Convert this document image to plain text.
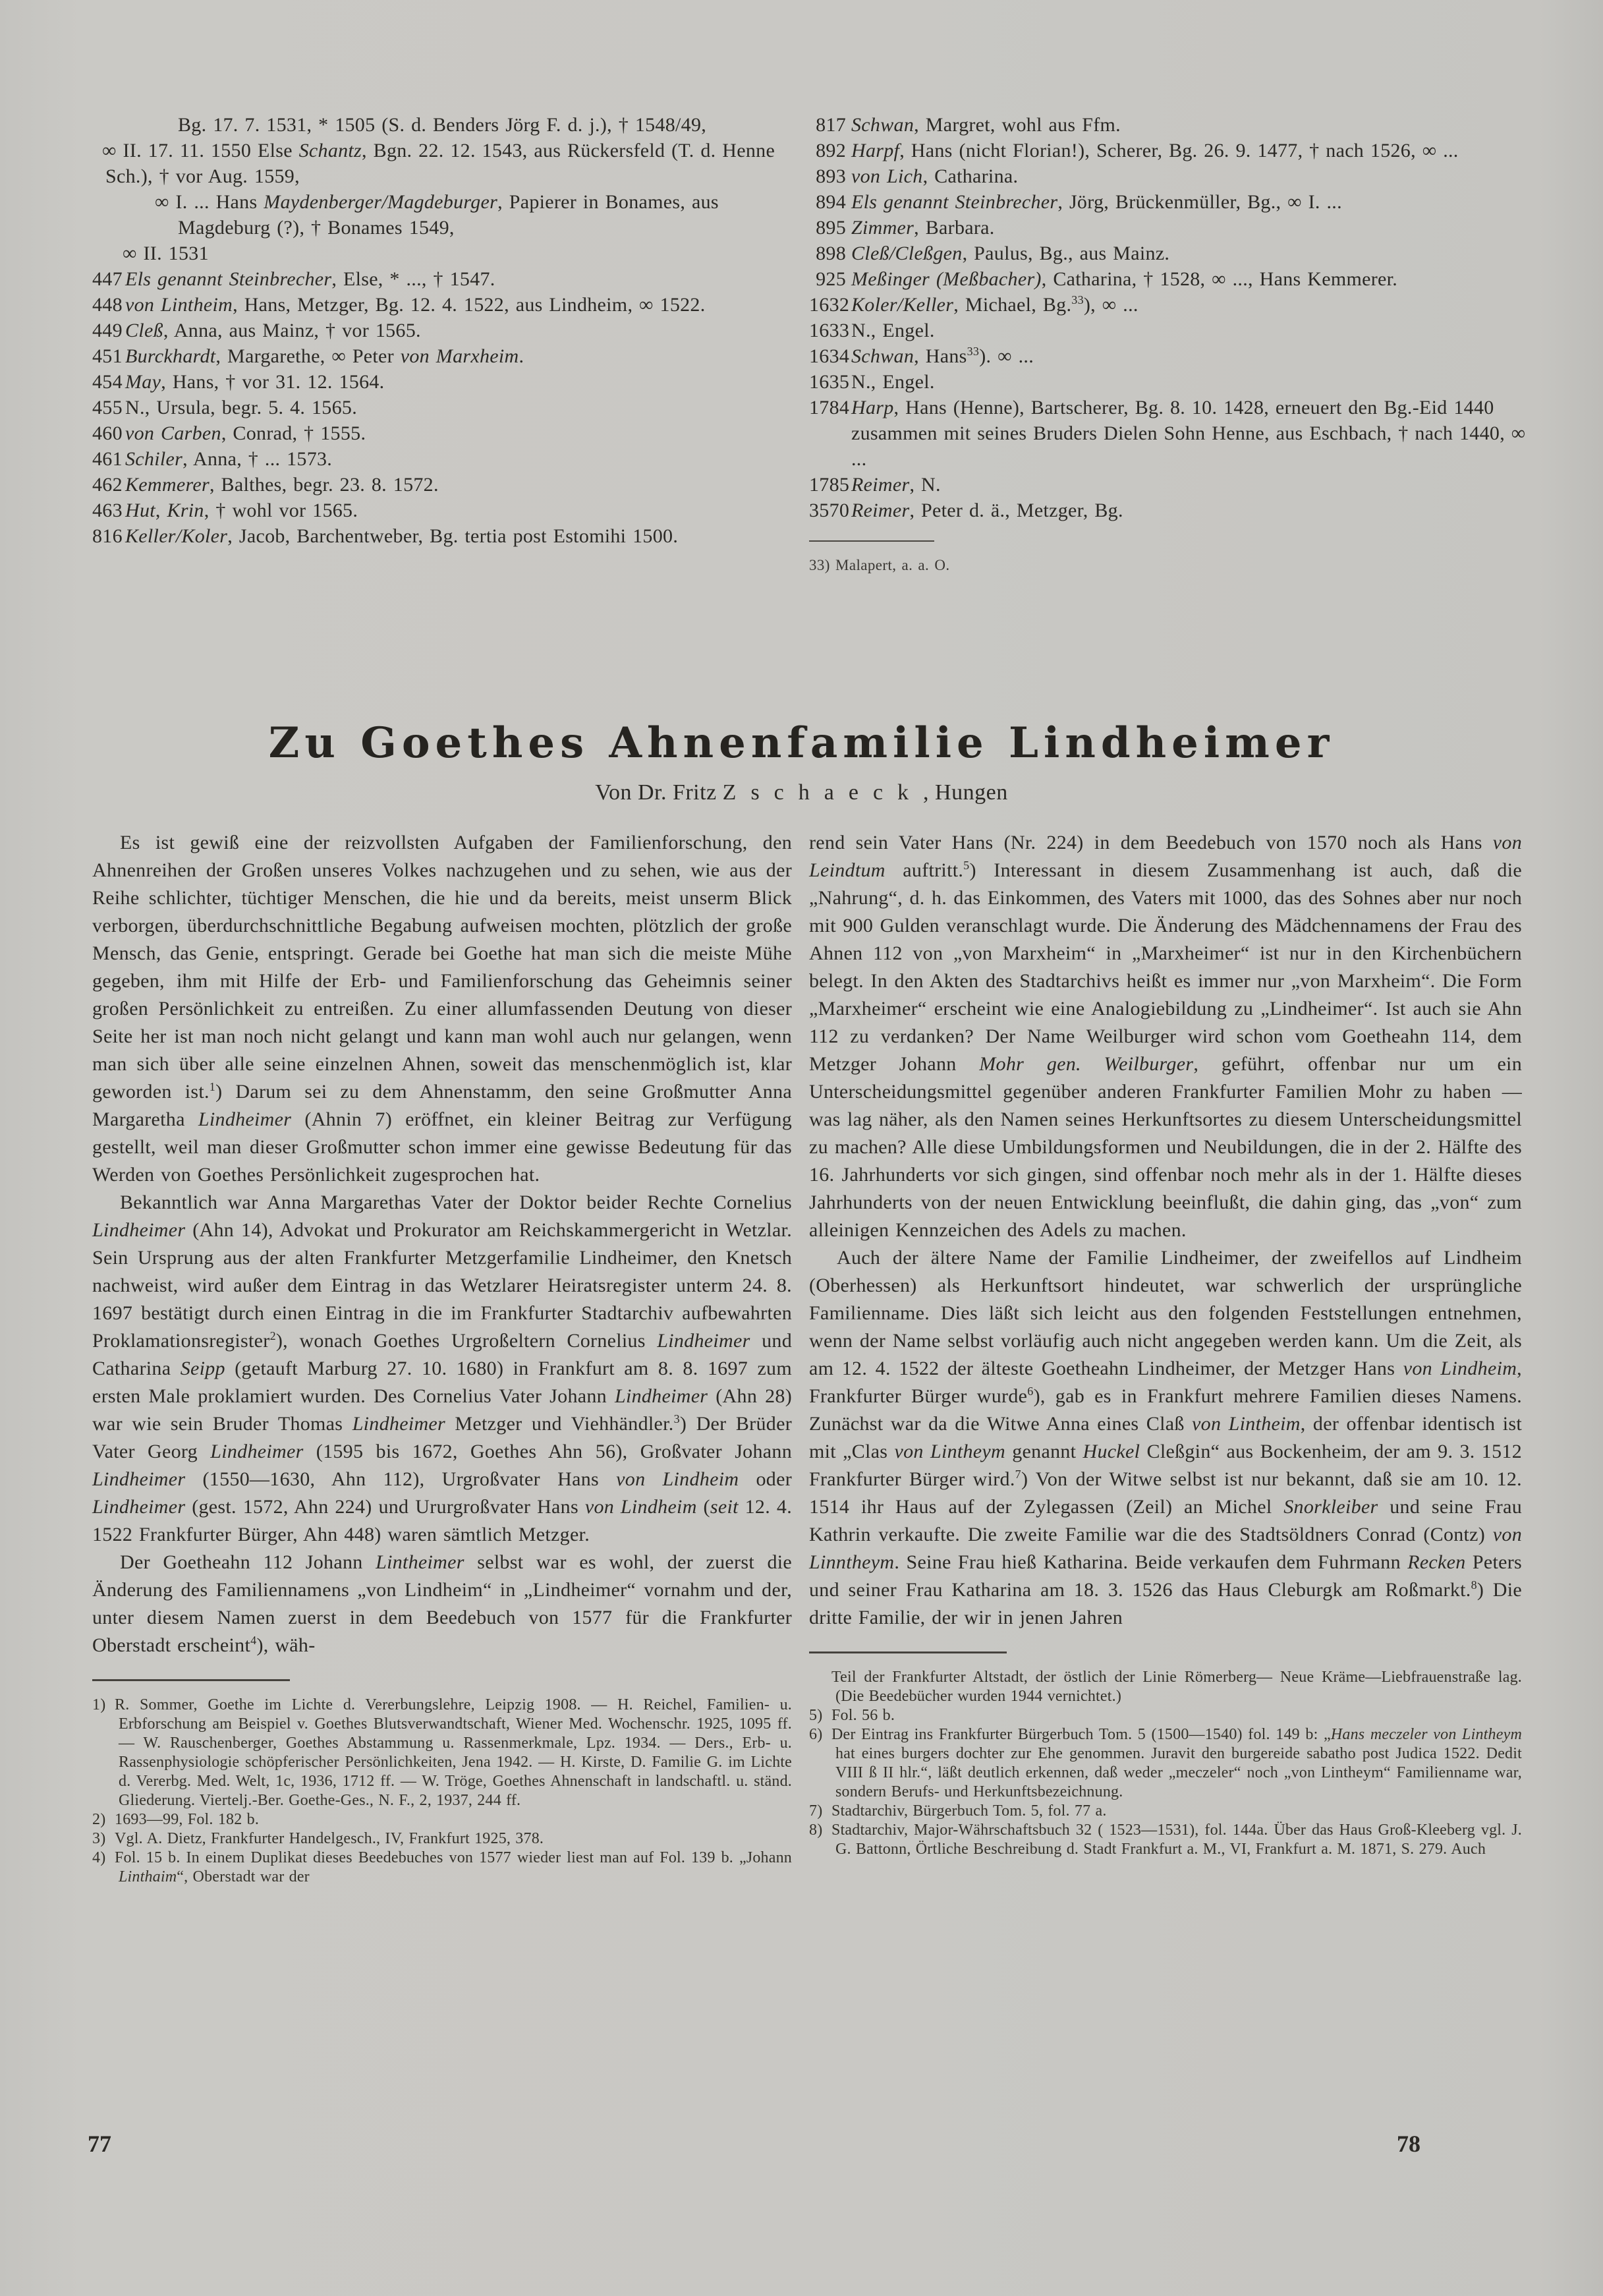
Bg. 17. 7. 1531, * 1505 (S. d. Benders Jörg F. d. j.), † 1548/49,
∞ II. 17. 11. 1550 Else Schantz, Bgn. 22. 12. 1543, aus Rückersfeld (T. d. Henne Sch.), † vor Aug. 1559,
∞ I. ... Hans Maydenberger/Magdeburger, Papierer in Bonames, aus Magdeburg (?), † Bonames 1549,
∞ II. 1531
447 Els genannt Steinbrecher, Else, * ..., † 1547.
448 von Lintheim, Hans, Metzger, Bg. 12. 4. 1522, aus Lindheim, ∞ 1522.
449 Cleß, Anna, aus Mainz, † vor 1565.
451 Burckhardt, Margarethe, ∞ Peter von Marxheim.
454 May, Hans, † vor 31. 12. 1564.
455 N., Ursula, begr. 5. 4. 1565.
460 von Carben, Conrad, † 1555.
461 Schiler, Anna, † ... 1573.
462 Kemmerer, Balthes, begr. 23. 8. 1572.
463 Hut, Krin, † wohl vor 1565.
816 Keller/Koler, Jacob, Barchentweber, Bg. tertia post Estomihi 1500.
817 Schwan, Margret, wohl aus Ffm.
892 Harpf, Hans (nicht Florian!), Scherer, Bg. 26. 9. 1477, † nach 1526, ∞ ...
893 von Lich, Catharina.
894 Els genannt Steinbrecher, Jörg, Brückenmüller, Bg., ∞ I. ...
895 Zimmer, Barbara.
898 Cleß/Cleßgen, Paulus, Bg., aus Mainz.
925 Meßinger (Meßbacher), Catharina, † 1528, ∞ ..., Hans Kemmerer.
1632Koler/Keller, Michael, Bg.$^{33}$), ∞ ...
1633N., Engel.
1634Schwan, Hans$^{33}$). ∞ ...
1635N., Engel.
1784Harp, Hans (Henne), Bartscherer, Bg. 8. 10. 1428, erneuert den Bg.-Eid 1440 zusammen mit seines Bruders Dielen Sohn Henne, aus Eschbach, † nach 1440, ∞ ...
1785Reimer, N.
3570Reimer, Peter d. ä., Metzger, Bg.
33) Malapert, a. a. O.
Zu Goethes Ahnenfamilie Lindheimer
Von Dr. Fritz Zschaeck, Hungen

Es ist gewiß eine der reizvollsten Aufgaben der Familienforschung, den Ahnenreihen der Großen unseres Volkes nachzugehen und zu sehen, wie aus der Reihe schlichter, tüchtiger Menschen, die hie und da bereits, meist unserm Blick verborgen, überdurchschnittliche Begabung aufweisen mochten, plötzlich der große Mensch, das Genie, entspringt. Gerade bei Goethe hat man sich die meiste Mühe gegeben, ihm mit Hilfe der Erb- und Familienforschung das Geheimnis seiner großen Persönlichkeit zu entreißen. Zu einer allumfassenden Deutung von dieser Seite her ist man noch nicht gelangt und kann man wohl auch nur gelangen, wenn man sich über alle seine einzelnen Ahnen, soweit das menschenmöglich ist, klar geworden ist.$^1$) Darum sei zu dem Ahnenstamm, den seine Großmutter Anna Margaretha Lindheimer (Ahnin 7) eröffnet, ein kleiner Beitrag zur Verfügung gestellt, weil man dieser Großmutter schon immer eine gewisse Bedeutung für das Werden von Goethes Persönlichkeit zugesprochen hat.

Bekanntlich war Anna Margarethas Vater der Doktor beider Rechte Cornelius Lindheimer (Ahn 14), Advokat und Prokurator am Reichskammergericht in Wetzlar. Sein Ursprung aus der alten Frankfurter Metzgerfamilie Lindheimer, den Knetsch nachweist, wird außer dem Eintrag in das Wetzlarer Heiratsregister unterm 24. 8. 1697 bestätigt durch einen Eintrag in die im Frankfurter Stadtarchiv aufbewahrten Proklamationsregister$^2$), wonach Goethes Urgroßeltern Cornelius Lindheimer und Catharina Seipp (getauft Marburg 27. 10. 1680) in Frankfurt am 8. 8. 1697 zum ersten Male proklamiert wurden. Des Cornelius Vater Johann Lindheimer (Ahn 28) war wie sein Bruder Thomas Lindheimer Metzger und Viehhändler.$^3$) Der Brüder Vater Georg Lindheimer (1595 bis 1672, Goethes Ahn 56), Großvater Johann Lindheimer (1550—1630, Ahn 112), Urgroßvater Hans von Lindheim oder Lindheimer (gest. 1572, Ahn 224) und Ururgroßvater Hans von Lindheim (seit 12. 4. 1522 Frankfurter Bürger, Ahn 448) waren sämtlich Metzger.

Der Goetheahn 112 Johann Lintheimer selbst war es wohl, der zuerst die Änderung des Familiennamens „von Lindheim“ in „Lindheimer“ vornahm und der, unter diesem Namen zuerst in dem Beedebuch von 1577 für die Frankfurter Oberstadt erscheint$^4$), wäh-

1) R. Sommer, Goethe im Lichte d. Vererbungslehre, Leipzig 1908. — H. Reichel, Familien- u. Erbforschung am Beispiel v. Goethes Blutsverwandtschaft, Wiener Med. Wochenschr. 1925, 1095 ff. — W. Rauschenberger, Goethes Abstammung u. Rassenmerkmale, Lpz. 1934. — Ders., Erb- u. Rassenphysiologie schöpferischer Persönlichkeiten, Jena 1942. — H. Kirste, D. Familie G. im Lichte d. Vererbg. Med. Welt, 1c, 1936, 1712 ff. — W. Tröge, Goethes Ahnenschaft in landschaftl. u. ständ. Gliederung. Viertelj.-Ber. Goethe-Ges., N. F., 2, 1937, 244 ff.
2) 1693—99, Fol. 182 b.
3) Vgl. A. Dietz, Frankfurter Handelgesch., IV, Frankfurt 1925, 378.
4) Fol. 15 b. In einem Duplikat dieses Beedebuches von 1577 wieder liest man auf Fol. 139 b. „Johann Linthaim“, Oberstadt war der

rend sein Vater Hans (Nr. 224) in dem Beedebuch von 1570 noch als Hans von Leindtum auftritt.$^5$) Interessant in diesem Zusammenhang ist auch, daß die „Nahrung“, d. h. das Einkommen, des Vaters mit 1000, das des Sohnes aber nur noch mit 900 Gulden veranschlagt wurde. Die Änderung des Mädchennamens der Frau des Ahnen 112 von „von Marxheim“ in „Marxheimer“ ist nur in den Kirchenbüchern belegt. In den Akten des Stadtarchivs heißt es immer nur „von Marxheim“. Die Form „Marxheimer“ erscheint wie eine Analogiebildung zu „Lindheimer“. Ist auch sie Ahn 112 zu verdanken? Der Name Weilburger wird schon vom Goetheahn 114, dem Metzger Johann Mohr gen. Weilburger, geführt, offenbar nur um ein Unterscheidungsmittel gegenüber anderen Frankfurter Familien Mohr zu haben — was lag näher, als den Namen seines Herkunftsortes zu diesem Unterscheidungsmittel zu machen? Alle diese Umbildungsformen und Neubildungen, die in der 2. Hälfte des 16. Jahrhunderts vor sich gingen, sind offenbar noch mehr als in der 1. Hälfte dieses Jahrhunderts von der neuen Entwicklung beeinflußt, die dahin ging, das „von“ zum alleinigen Kennzeichen des Adels zu machen.

Auch der ältere Name der Familie Lindheimer, der zweifellos auf Lindheim (Oberhessen) als Herkunftsort hindeutet, war schwerlich der ursprüngliche Familienname. Dies läßt sich leicht aus den folgenden Feststellungen entnehmen, wenn der Name selbst vorläufig auch nicht angegeben werden kann. Um die Zeit, als am 12. 4. 1522 der älteste Goetheahn Lindheimer, der Metzger Hans von Lindheim, Frankfurter Bürger wurde$^6$), gab es in Frankfurt mehrere Familien dieses Namens. Zunächst war da die Witwe Anna eines Claß von Lintheim, der offenbar identisch ist mit „Clas von Lintheym genannt Huckel Cleßgin“ aus Bockenheim, der am 9. 3. 1512 Frankfurter Bürger wird.$^7$) Von der Witwe selbst ist nur bekannt, daß sie am 10. 12. 1514 ihr Haus auf der Zylegassen (Zeil) an Michel Snorkleiber und seine Frau Kathrin verkaufte. Die zweite Familie war die des Stadtsöldners Conrad (Contz) von Linntheym. Seine Frau hieß Katharina. Beide verkaufen dem Fuhrmann Recken Peters und seiner Frau Katharina am 18. 3. 1526 das Haus Cleburgk am Roßmarkt.$^8$) Die dritte Familie, der wir in jenen Jahren

Teil der Frankfurter Altstadt, der östlich der Linie Römerberg— Neue Kräme—Liebfrauenstraße lag. (Die Beedebücher wurden 1944 vernichtet.)
5) Fol. 56 b.
6) Der Eintrag ins Frankfurter Bürgerbuch Tom. 5 (1500—1540) fol. 149 b: „Hans meczeler von Lintheym hat eines burgers dochter zur Ehe genommen. Juravit den burgereide sabatho post Judica 1522. Dedit VIII ß II hlr.“, läßt deutlich erkennen, daß weder „meczeler“ noch „von Lintheym“ Familienname war, sondern Berufs- und Herkunftsbezeichnung.
7) Stadtarchiv, Bürgerbuch Tom. 5, fol. 77 a.
8) Stadtarchiv, Major-Währschaftsbuch 32 ( 1523—1531), fol. 144a. Über das Haus Groß-Kleeberg vgl. J. G. Battonn, Örtliche Beschreibung d. Stadt Frankfurt a. M., VI, Frankfurt a. M. 1871, S. 279. Auch
77	78
